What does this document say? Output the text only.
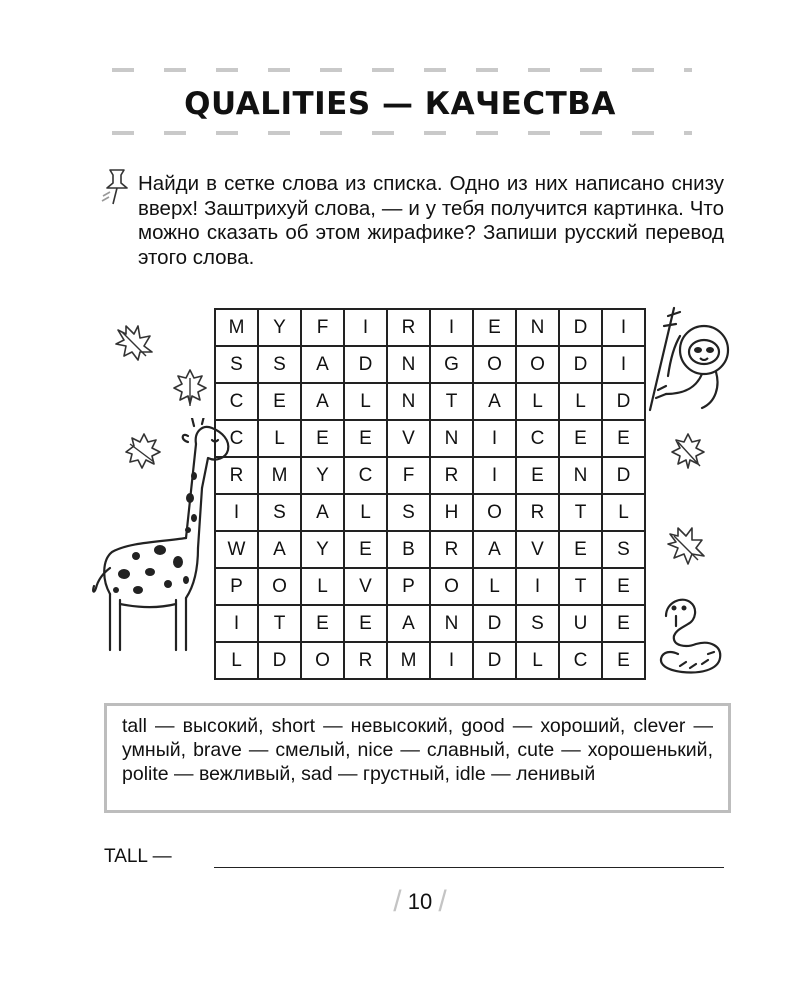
QUALITIES — КАЧЕСТВА
Найди в сетке слова из списка. Одно из них написано снизу вверх! Заштрихуй слова, — и у тебя получится картинка. Что можно сказать об этом жирафике? Запиши русский перевод этого слова.
M	Y	F	I	R	I	E	N	D	I
S	S	A	D	N	G	O	O	D	I
C	E	A	L	N	T	A	L	L	D
C	L	E	E	V	N	I	C	E	E
R	M	Y	C	F	R	I	E	N	D
I	S	A	L	S	H	O	R	T	L
W	A	Y	E	B	R	A	V	E	S
P	O	L	V	P	O	L	I	T	E
I	T	E	E	A	N	D	S	U	E
L	D	O	R	M	I	D	L	C	E
tall — высокий, short — невысокий, good — хороший, clever — умный, brave — смелый, nice — славный, cute — хорошенький, polite — вежливый, sad — грустный, idle — ленивый
TALL —
/ 10 /
